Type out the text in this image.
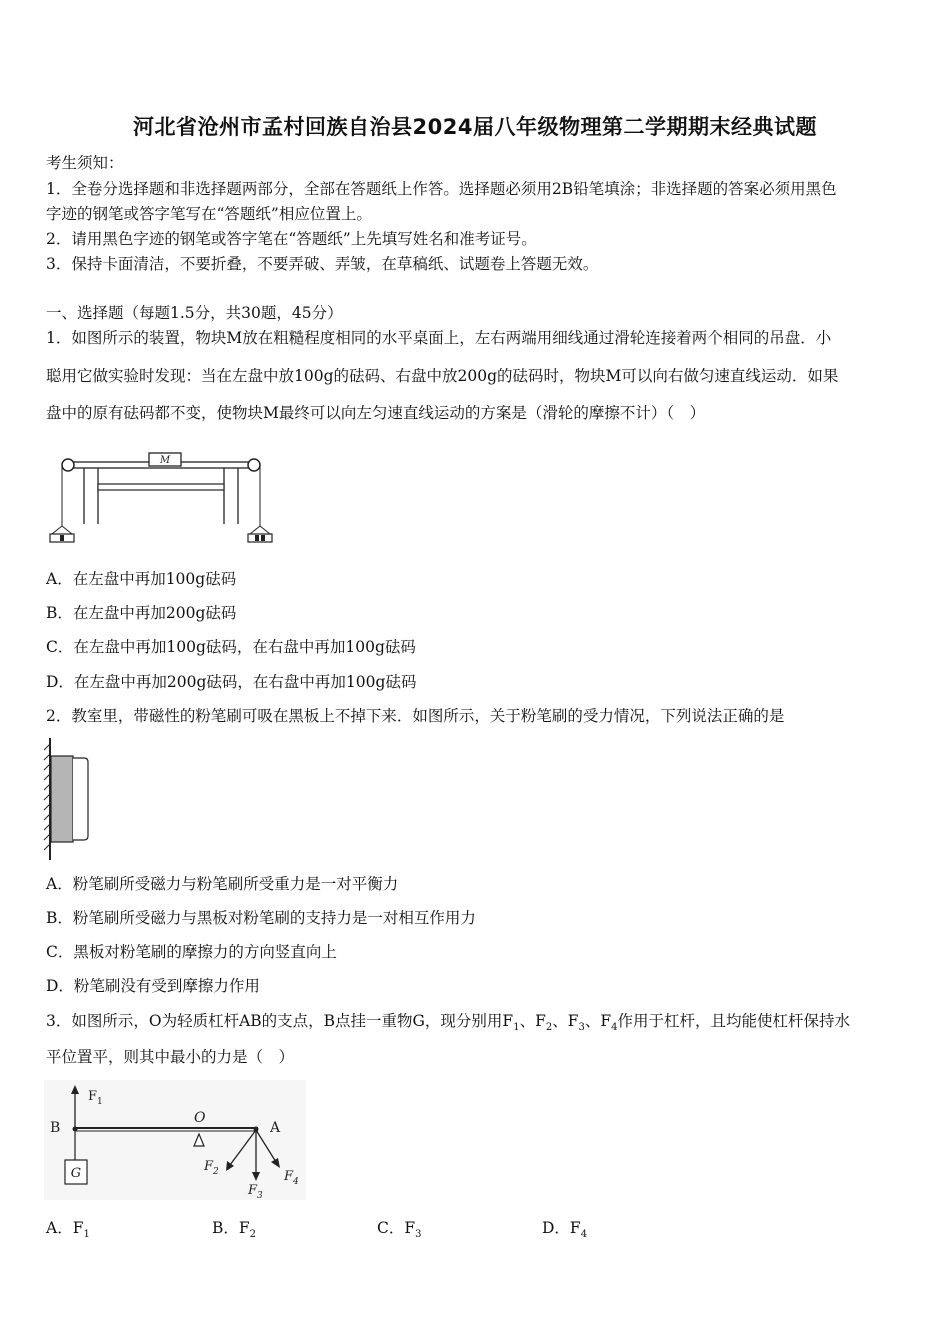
河北省沧州市孟村回族自治县2024届八年级物理第二学期期末经典试题
考生须知：
1．全卷分选择题和非选择题两部分，全部在答题纸上作答。选择题必须用2B铅笔填涂；非选择题的答案必须用黑色
字迹的钢笔或答字笔写在“答题纸”相应位置上。
2．请用黑色字迹的钢笔或答字笔在“答题纸”上先填写姓名和准考证号。
3．保持卡面清洁，不要折叠，不要弄破、弄皱，在草稿纸、试题卷上答题无效。
一、选择题（每题1.5分，共30题，45分）
1．如图所示的装置，物块M放在粗糙程度相同的水平桌面上，左右两端用细线通过滑轮连接着两个相同的吊盘．小
聪用它做实验时发现：当在左盘中放100g的砝码、右盘中放200g的砝码时，物块M可以向右做匀速直线运动．如果
盘中的原有砝码都不变，使物块M最终可以向左匀速直线运动的方案是（滑轮的摩擦不计）（　）
M
A．在左盘中再加100g砝码
B．在左盘中再加200g砝码
C．在左盘中再加100g砝码，在右盘中再加100g砝码
D．在左盘中再加200g砝码，在右盘中再加100g砝码
2．教室里，带磁性的粉笔刷可吸在黑板上不掉下来．如图所示，关于粉笔刷的受力情况，下列说法正确的是
A．粉笔刷所受磁力与粉笔刷所受重力是一对平衡力
B．粉笔刷所受磁力与黑板对粉笔刷的支持力是一对相互作用力
C．黑板对粉笔刷的摩擦力的方向竖直向上
D．粉笔刷没有受到摩擦力作用
3．如图所示，O为轻质杠杆AB的支点，B点挂一重物G，现分别用$F_1$、$F_2$、$F_3$、$F_4$作用于杠杆，且均能使杠杆保持水
平位置平，则其中最小的力是（　）
B
O
A
$F_1$
G	$F_2$
$F_3$
$F_4$
A．$F_1$	B．$F_2$	C．$F_3$	D．$F_4$
